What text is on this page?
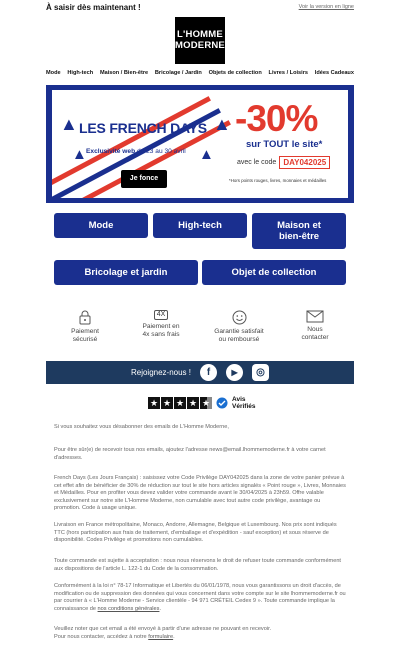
À saisir dès maintenant !	Voir la version en ligne
L'HOMME
MODERNE
Mode High-tech Maison / Bien-être Bricolage / Jardin Objets de collection Livres / Loisirs Idées Cadeaux
▲	▲
▲	▲
LES FRENCH DAYS
Exclusivité web du 23 au 30 avril
Je fonce
-30%
sur TOUT le site*
avec le code DAY042025
*Hors points rouges, livres, monnaies et médailles
Mode	High-tech	Maison et bien-être
Bricolage et jardin	Objet de collection
Paiement
sécurisé
4X
Paiement en
4x sans frais	Garantie satisfait
ou remboursé
Nous
contacter
Rejoignez-nous !	f	▶	◎
★ ★ ★ ★ ★	Avis
Vérifiés
Si vous souhaitez vous désabonner des emails de L'Homme Moderne,
Pour être sûr(e) de recevoir tous nos emails, ajoutez l'adresse news@email.lhommemoderne.fr à votre carnet d'adresses.
French Days (Les Jours Français) : saisissez votre Code Privilège DAY042025 dans la zone de votre panier prévue à cet effet afin de bénéficier de 30% de réduction sur tout le site hors articles signalés « Point rouge », Livres, Monnaies et Médailles. Pour en profiter vous devez valider votre commande avant le 30/04/2025 à 23h59. Offre valable exclusivement sur notre site L'Homme Moderne, non cumulable avec tout autre code privilège, avantage ou promotion. Code à usage unique.
Livraison en France métropolitaine, Monaco, Andorre, Allemagne, Belgique et Luxembourg. Nos prix sont indiqués TTC (hors participation aux frais de traitement, d'emballage et d'expédition - sauf exception) et sous réserve de disponibilité. Codes Privilège et promotions non cumulables.
Toute commande est sujette à acceptation : nous nous réservons le droit de refuser toute commande conformément aux dispositions de l'article L. 122-1 du Code de la consommation.
Conformément à la loi n° 78-17 Informatique et Libertés du 06/01/1978, nous vous garantissons un droit d'accès, de modification ou de suppression des données qui vous concernent dans votre compte sur le site lhommemoderne.fr ou par courrier à « L'Homme Moderne - Service clientèle - 94 971 CRÉTEIL Cedex 9 ». Toute commande implique la connaissance de nos conditions générales.
Veuillez noter que cet email a été envoyé à partir d'une adresse ne pouvant en recevoir.
Pour nous contacter, accédez à notre formulaire.
